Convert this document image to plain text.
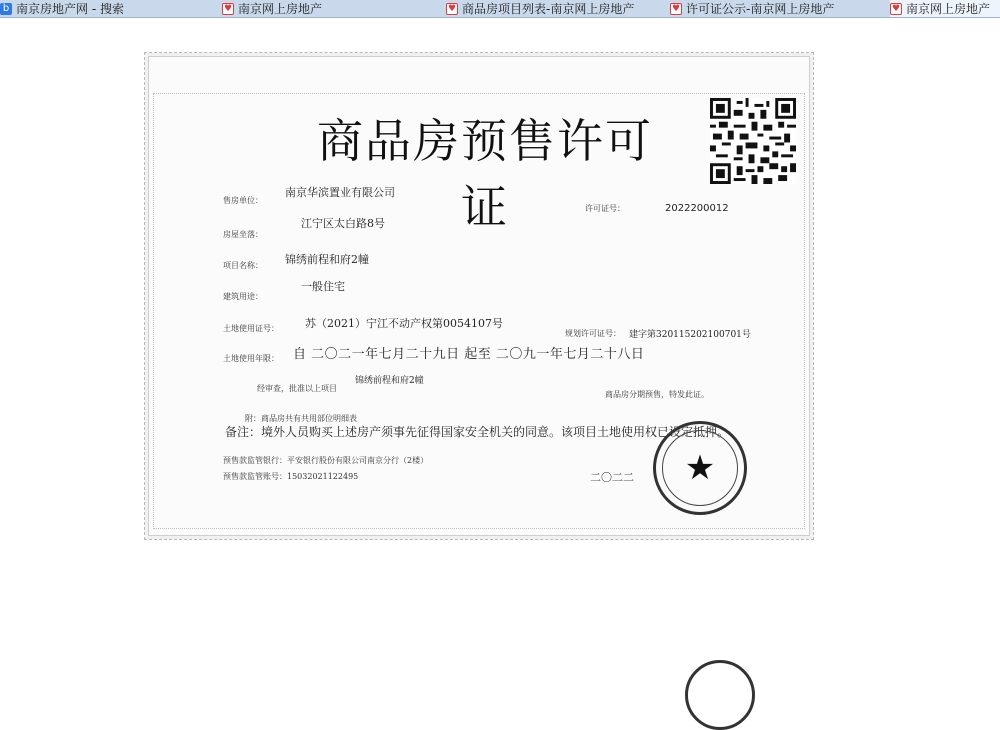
b 南京房地产网 - 搜索	♥ 南京网上房地产	♥ 商品房项目列表-南京网上房地产	♥ 许可证公示-南京网上房地产	♥ 南京网上房地产
商品房预售许可证
售房单位：
南京华滨置业有限公司
许可证号：	2022200012
房屋坐落：
江宁区太白路8号
项目名称： 锦绣前程和府2幢
建筑用途：
一般住宅
土地使用证号： 苏（2021）宁江不动产权第0054107号
规划许可证号： 建字第320115202100701号
土地使用年限： 自 二〇二一年七月二十九日 起至 二〇九一年七月二十八日
经审查，批准以上项目
锦绣前程和府2幢
商品房分期预售，特发此证。
附：商品房共有共用部位明细表
备注：境外人员购买上述房产须事先征得国家安全机关的同意。该项目土地使用权已设定抵押。
预售款监管银行：平安银行股份有限公司南京分行（2楼）
预售款监管账号：15032021122495	二〇二二	★
